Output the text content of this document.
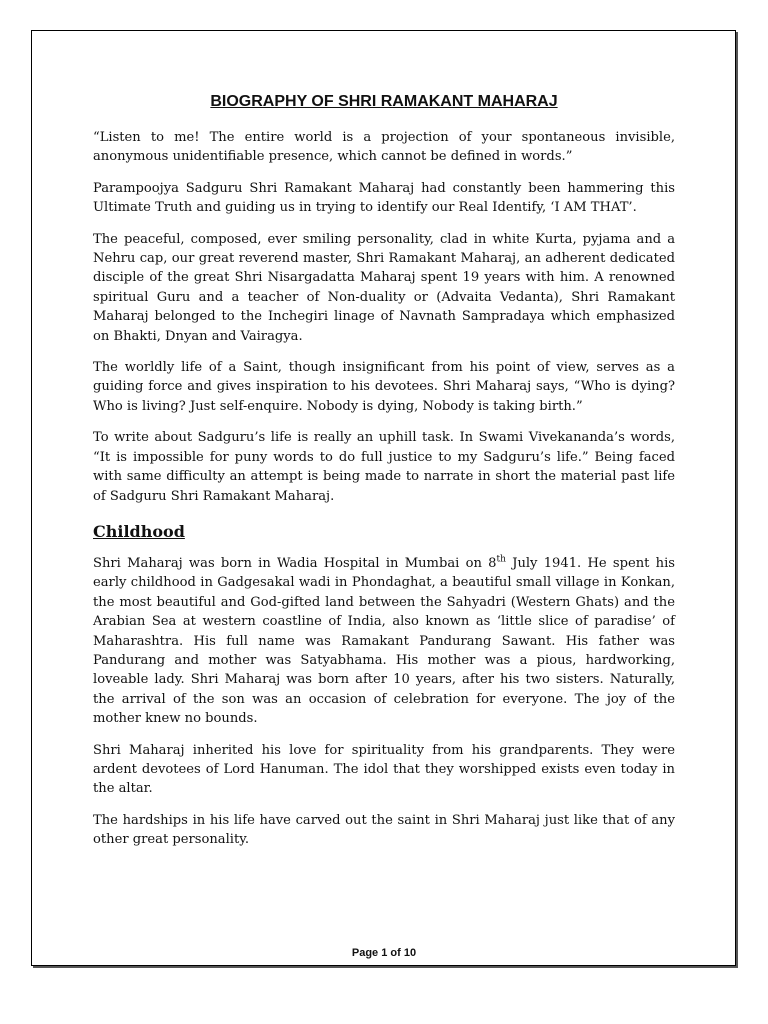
BIOGRAPHY OF SHRI RAMAKANT MAHARAJ

“Listen to me! The entire world is a projection of your spontaneous invisible, anonymous unidentifiable presence, which cannot be defined in words.”

Parampoojya Sadguru Shri Ramakant Maharaj had constantly been hammering this Ultimate Truth and guiding us in trying to identify our Real Identify, ‘I AM THAT’.

The peaceful, composed, ever smiling personality, clad in white Kurta, pyjama and a Nehru cap, our great reverend master, Shri Ramakant Maharaj, an adherent dedicated disciple of the great Shri Nisargadatta Maharaj spent 19 years with him. A renowned spiritual Guru and a teacher of Non-duality or (Advaita Vedanta), Shri Ramakant Maharaj belonged to the Inchegiri linage of Navnath Sampradaya which emphasized on Bhakti, Dnyan and Vairagya.

The worldly life of a Saint, though insignificant from his point of view, serves as a guiding force and gives inspiration to his devotees. Shri Maharaj says, “Who is dying? Who is living? Just self-enquire. Nobody is dying, Nobody is taking birth.”

To write about Sadguru’s life is really an uphill task. In Swami Vivekananda’s words, “It is impossible for puny words to do full justice to my Sadguru’s life.” Being faced with same difficulty an attempt is being made to narrate in short the material past life of Sadguru Shri Ramakant Maharaj.

Childhood

Shri Maharaj was born in Wadia Hospital in Mumbai on 8th July 1941. He spent his early childhood in Gadgesakal wadi in Phondaghat, a beautiful small village in Konkan, the most beautiful and God-gifted land between the Sahyadri (Western Ghats) and the Arabian Sea at western coastline of India, also known as ‘little slice of paradise’ of Maharashtra. His full name was Ramakant Pandurang Sawant. His father was Pandurang and mother was Satyabhama. His mother was a pious, hardworking, loveable lady. Shri Maharaj was born after 10 years, after his two sisters. Naturally, the arrival of the son was an occasion of celebration for everyone. The joy of the mother knew no bounds.

Shri Maharaj inherited his love for spirituality from his grandparents. They were ardent devotees of Lord Hanuman. The idol that they worshipped exists even today in the altar.

The hardships in his life have carved out the saint in Shri Maharaj just like that of any other great personality.

Page 1 of 10
